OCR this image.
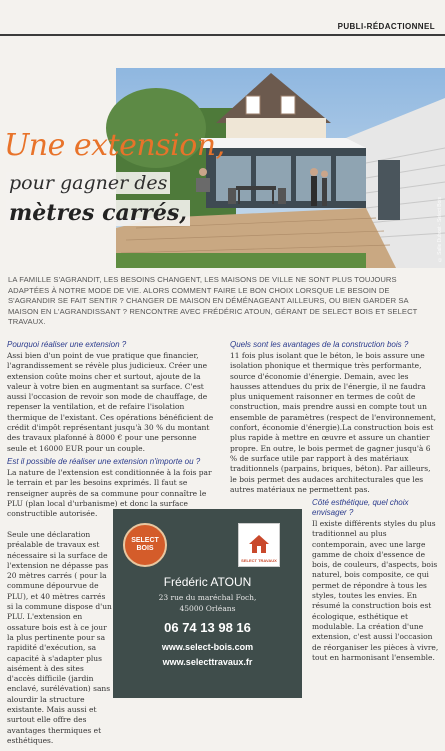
PUBLI-RÉDACTIONNEL
© Salle Dubost - Select Bois
Une extension,
pour gagner des
mètres carrés,
LA FAMILLE S'AGRANDIT, LES BESOINS CHANGENT, LES MAISONS DE VILLE NE SONT PLUS TOUJOURS ADAPTÉES À NOTRE MODE DE VIE. ALORS COMMENT FAIRE LE BON CHOIX LORSQUE LE BESOIN DE S'AGRANDIR SE FAIT SENTIR ? CHANGER DE MAISON EN DÉMÉNAGEANT AILLEURS, OU BIEN GARDER SA MAISON EN L'AGRANDISSANT ? RENCONTRE AVEC FRÉDÉRIC ATOUN, GÉRANT DE SELECT BOIS ET SELECT TRAVAUX.
Pourquoi réaliser une extension ?

Assi bien d'un point de vue pratique que financier, l'agrandissement se révèle plus judicieux. Créer une extension coûte moins cher et surtout, ajoute de la valeur à votre bien en augmentant sa surface. C'est aussi l'occasion de revoir son mode de chauffage, de repenser la ventilation, et de refaire l'isolation thermique de l'existant. Ces opérations bénéficient de crédit d'impôt représentant jusqu'à 30 % du montant des travaux plafonné à 8000 € pour une personne seule et 16000 EUR pour un couple.

Est il possible de réaliser une extension n'importe ou ?

La nature de l'extension est conditionnée à la fois par le terrain et par les besoins exprimés. Il faut se renseigner auprès de sa commune pour connaître le PLU (plan local d'urbanisme) et donc la surface constructible autorisée.

Seule une déclaration préalable de travaux est nécessaire si la surface de l'extension ne dépasse pas 20 mètres carrés ( pour la commune dépourvue de PLU), et 40 mètres carrés si la commune dispose d'un PLU. L'extension en ossature bois est à ce jour la plus pertinente pour sa rapidité d'exécution, sa capacité à s'adapter plus aisément à des sites d'accès difficile (jardin enclavé, surélévation) sans alourdir la structure existante. Mais aussi et surtout elle offre des avantages thermiques et esthétiques.

Quels sont les avantages de la construction bois ?

11 fois plus isolant que le béton, le bois assure une isolation phonique et thermique très performante, source d'économie d'énergie. Demain, avec les hausses attendues du prix de l'énergie, il ne faudra plus uniquement raisonner en termes de coût de construction, mais prendre aussi en compte tout un ensemble de paramètres (respect de l'environnement, confort, économie d'énergie).La construction bois est plus rapide à mettre en œuvre et assure un chantier propre. En outre, le bois permet de gagner jusqu'à 6 % de surface utile par rapport à des matériaux traditionnels (parpains, briques, béton). Par ailleurs, le bois permet des audaces architecturales que les autres matériaux ne permettent pas.

Côté esthétique, quel choix envisager ?

Il existe différents styles du plus traditionnel au plus contemporain, avec une large gamme de choix d'essence de bois, de couleurs, d'aspects, bois naturel, bois composite, ce qui permet de répondre à tous les styles, toutes les envies. En résumé la construction bois est écologique, esthétique et modulable. La création d'une extension, c'est aussi l'occasion de réorganiser les pièces à vivre, tout en harmonisant l'ensemble.

SELECT
BOIS
SELECT TRAVAUX
Frédéric ATOUN
23 rue du maréchal Foch,
45000 Orléans
06 74 13 98 16
www.select-bois.com
www.selecttravaux.fr
